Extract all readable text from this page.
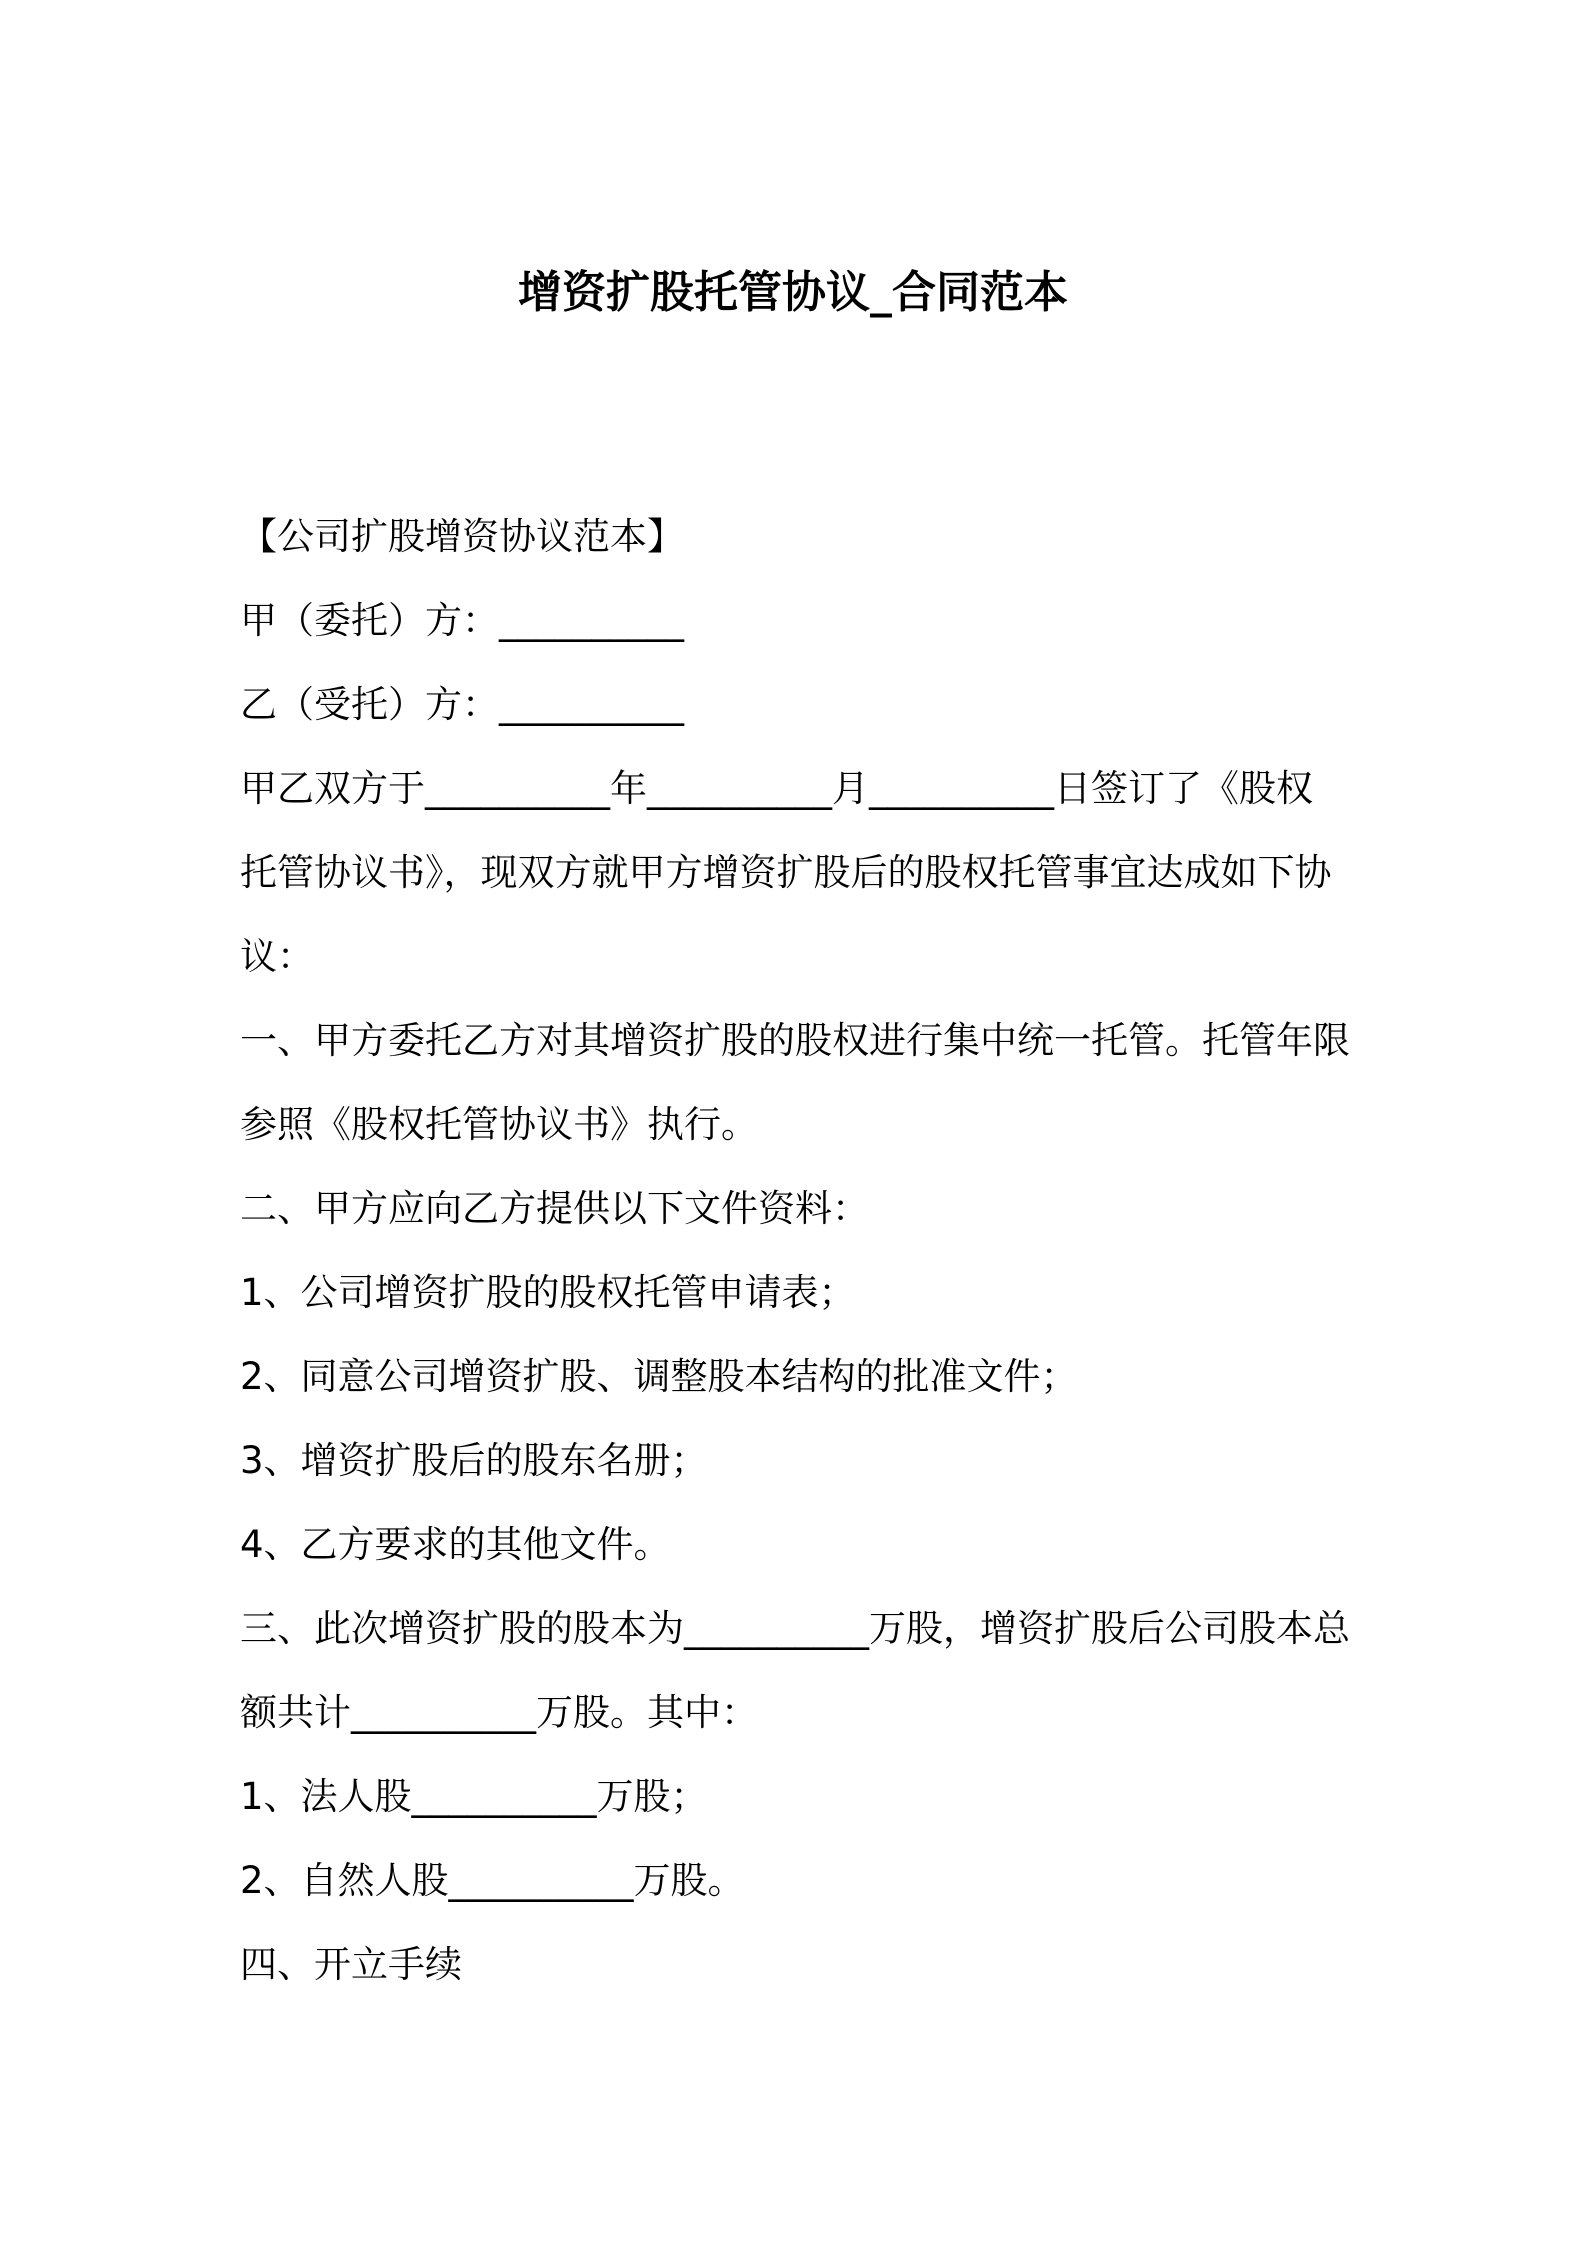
增资扩股托管协议_合同范本

【公司扩股增资协议范本】

甲（委托）方：__________

乙（受托）方：__________

甲乙双方于__________年__________月__________日签订了《股权

托管协议书》，现双方就甲方增资扩股后的股权托管事宜达成如下协

议：

一、甲方委托乙方对其增资扩股的股权进行集中统一托管。托管年限

参照《股权托管协议书》执行。

二、甲方应向乙方提供以下文件资料：

1、公司增资扩股的股权托管申请表；

2、同意公司增资扩股、调整股本结构的批准文件；

3、增资扩股后的股东名册；

4、乙方要求的其他文件。

三、此次增资扩股的股本为__________万股，增资扩股后公司股本总

额共计__________万股。其中：

1、法人股__________万股；

2、自然人股__________万股。

四、开立手续
